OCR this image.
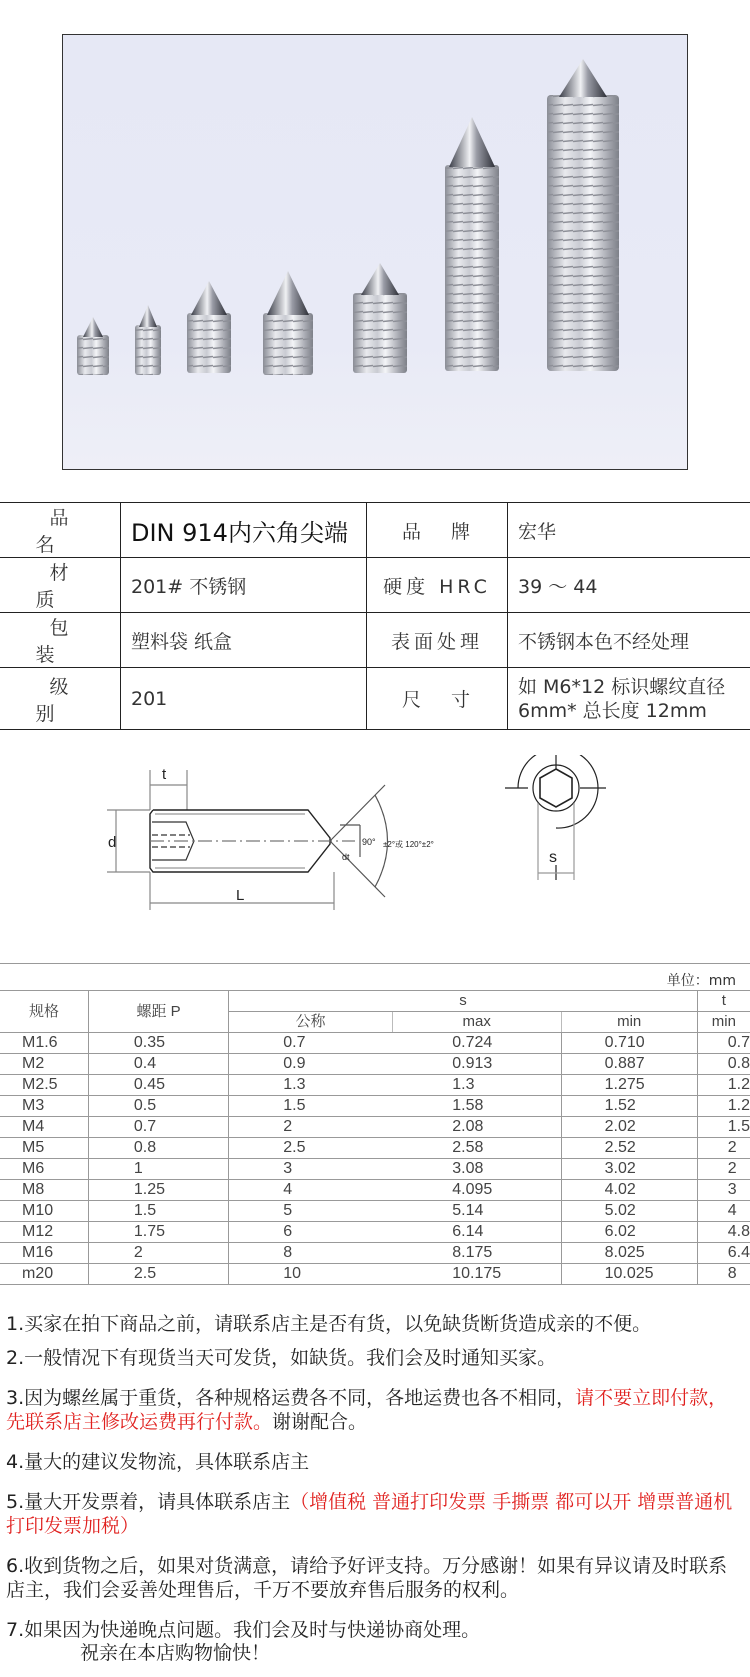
品名	DIN 914内六角尖端	品牌	宏华
材质	201# 不锈钢	硬度 HRC	39 ～ 44
包装	塑料袋 纸盒	表面处理	不锈钢本色不经处理
级别	201	尺寸	如 M6*12 标识螺纹直径
6mm* 总长度 12mm
t
d
L
dt
90° ±2°或 120°±2°
s
单位：mm
规格	螺距 P	s			t
		公称	max	min	min
M1.6	0.35	0.7	0.724	0.710	0.7
M2	0.4	0.9	0.913	0.887	0.8
M2.5	0.45	1.3	1.3	1.275	1.2
M3	0.5	1.5	1.58	1.52	1.2
M4	0.7	2	2.08	2.02	1.5
M5	0.8	2.5	2.58	2.52	2
M6	1	3	3.08	3.02	2
M8	1.25	4	4.095	4.02	3
M10	1.5	5	5.14	5.02	4
M12	1.75	6	6.14	6.02	4.8
M16	2	8	8.175	8.025	6.4
m20	2.5	10	10.175	10.025	8
1.买家在拍下商品之前，请联系店主是否有货，以免缺货断货造成亲的不便。
2.一般情况下有现货当天可发货，如缺货。我们会及时通知买家。
3.因为螺丝属于重货，各种规格运费各不同，各地运费也各不相同，请不要立即付款，先联系店主修改运费再行付款。谢谢配合。
4.量大的建议发物流，具体联系店主
5.量大开发票着，请具体联系店主（增值税 普通打印发票 手撕票 都可以开 增票普通机打印发票加税）
6.收到货物之后，如果对货满意，请给予好评支持。万分感谢！如果有异议请及时联系店主，我们会妥善处理售后，千万不要放弃售后服务的权利。
7.如果因为快递晚点问题。我们会及时与快递协商处理。
祝亲在本店购物愉快！
